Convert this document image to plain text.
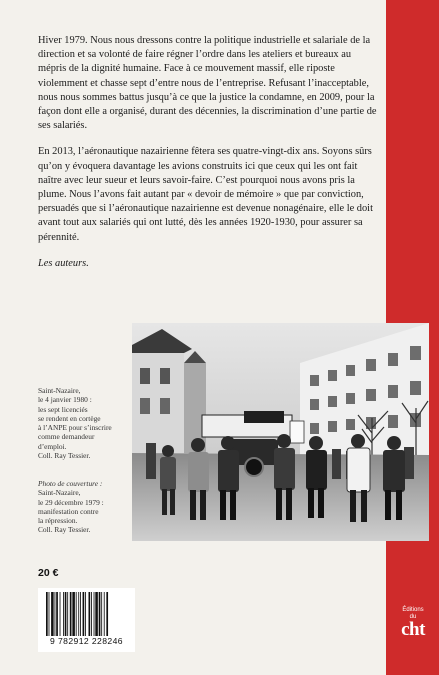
Hiver 1979. Nous nous dressons contre la politique industrielle et salariale de la direction et sa volonté de faire régner l’ordre dans les ateliers et bureaux au mépris de la dignité humaine. Face à ce mouvement massif, elle riposte violemment et chasse sept d’entre nous de l’entreprise. Refusant l’inacceptable, nous nous sommes battus jusqu’à ce que la justice la condamne, en 2009, pour la façon dont elle a organisé, durant des décennies, la discrimination d’une partie de ses salariés.

En 2013, l’aéronautique nazairienne fêtera ses quatre-vingt-dix ans. Soyons sûrs qu’on y évoquera davantage les avions construits ici que ceux qui les ont fait naître avec leur sueur et leurs savoir-faire. C’est pourquoi nous avons pris la plume. Nous l’avons fait autant par « devoir de mémoire » que par conviction, persuadés que si l’aéronautique nazairienne est devenue nonagénaire, elle le doit avant tout aux salariés qui ont lutté, dès les années 1920-1930, pour assurer sa pérennité.

Les auteurs.

Saint-Nazaire,
le 4 janvier 1980 :
les sept licenciés
se rendent en cortège
à l’ANPE pour s’inscrire
comme demandeur
d’emploi.
Coll. Ray Tessier.
Photo de couverture :
Saint-Nazaire,
le 29 décembre 1979 :
manifestation contre
la répression.
Coll. Ray Tessier.
20 €
9 782912 228246
Éditions
du
cht
